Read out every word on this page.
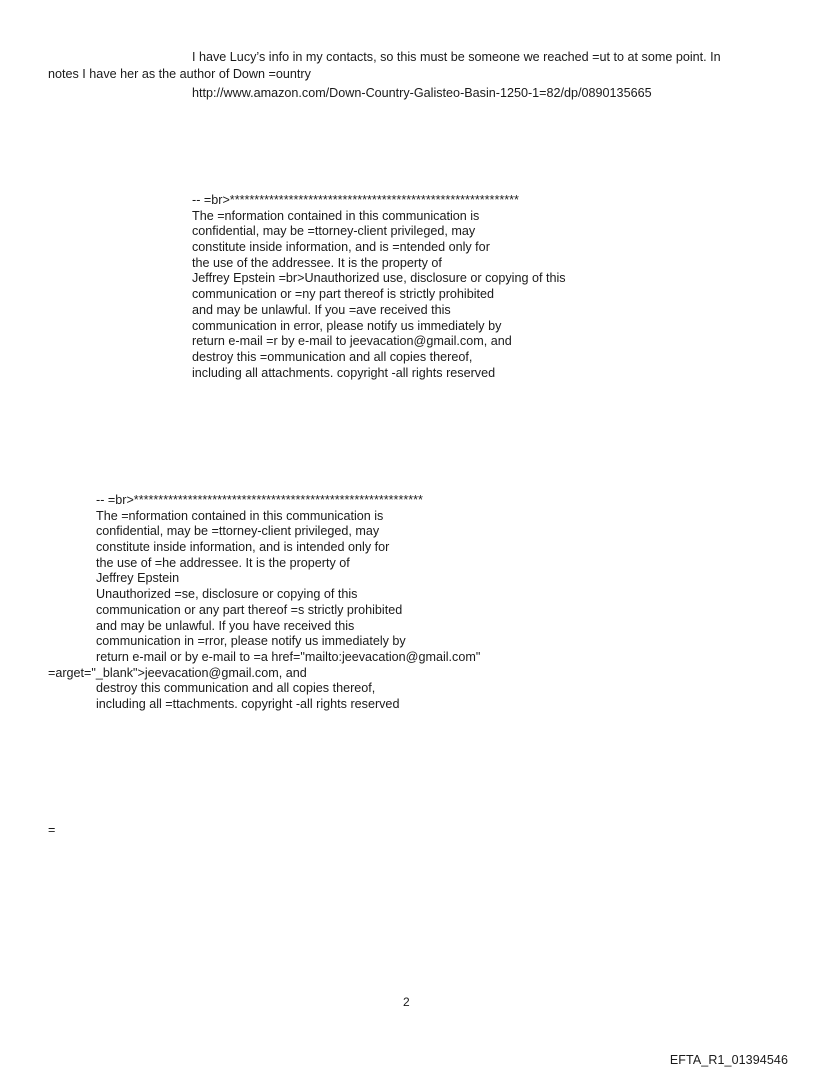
I have Lucy’s info in my contacts, so this must be someone we reached =ut to at some point. In
notes I have her as the author of Down =ountry
http://www.amazon.com/Down-Country-Galisteo-Basin-1250-1=82/dp/0890135665
-- =br>***********************************************************
The =nformation contained in this communication is
confidential, may be =ttorney-client privileged, may
constitute inside information, and is =ntended only for
the use of the addressee. It is the property of
Jeffrey Epstein =br>Unauthorized use, disclosure or copying of this
communication or =ny part thereof is strictly prohibited
and may be unlawful. If you =ave received this
communication in error, please notify us immediately by
return e-mail =r by e-mail to jeevacation@gmail.com, and
destroy this =ommunication and all copies thereof,
including all attachments. copyright -all rights reserved
-- =br>***********************************************************
The =nformation contained in this communication is
confidential, may be =ttorney-client privileged, may
constitute inside information, and is intended only for
the use of =he addressee. It is the property of
Jeffrey Epstein
Unauthorized =se, disclosure or copying of this
communication or any part thereof =s strictly prohibited
and may be unlawful. If you have received this
communication in =rror, please notify us immediately by
return e-mail or by e-mail to =a href="mailto:jeevacation@gmail.com"
=arget="_blank">jeevacation@gmail.com, and
destroy this communication and all copies thereof,
including all =ttachments. copyright -all rights reserved
=
2
EFTA_R1_01394546
